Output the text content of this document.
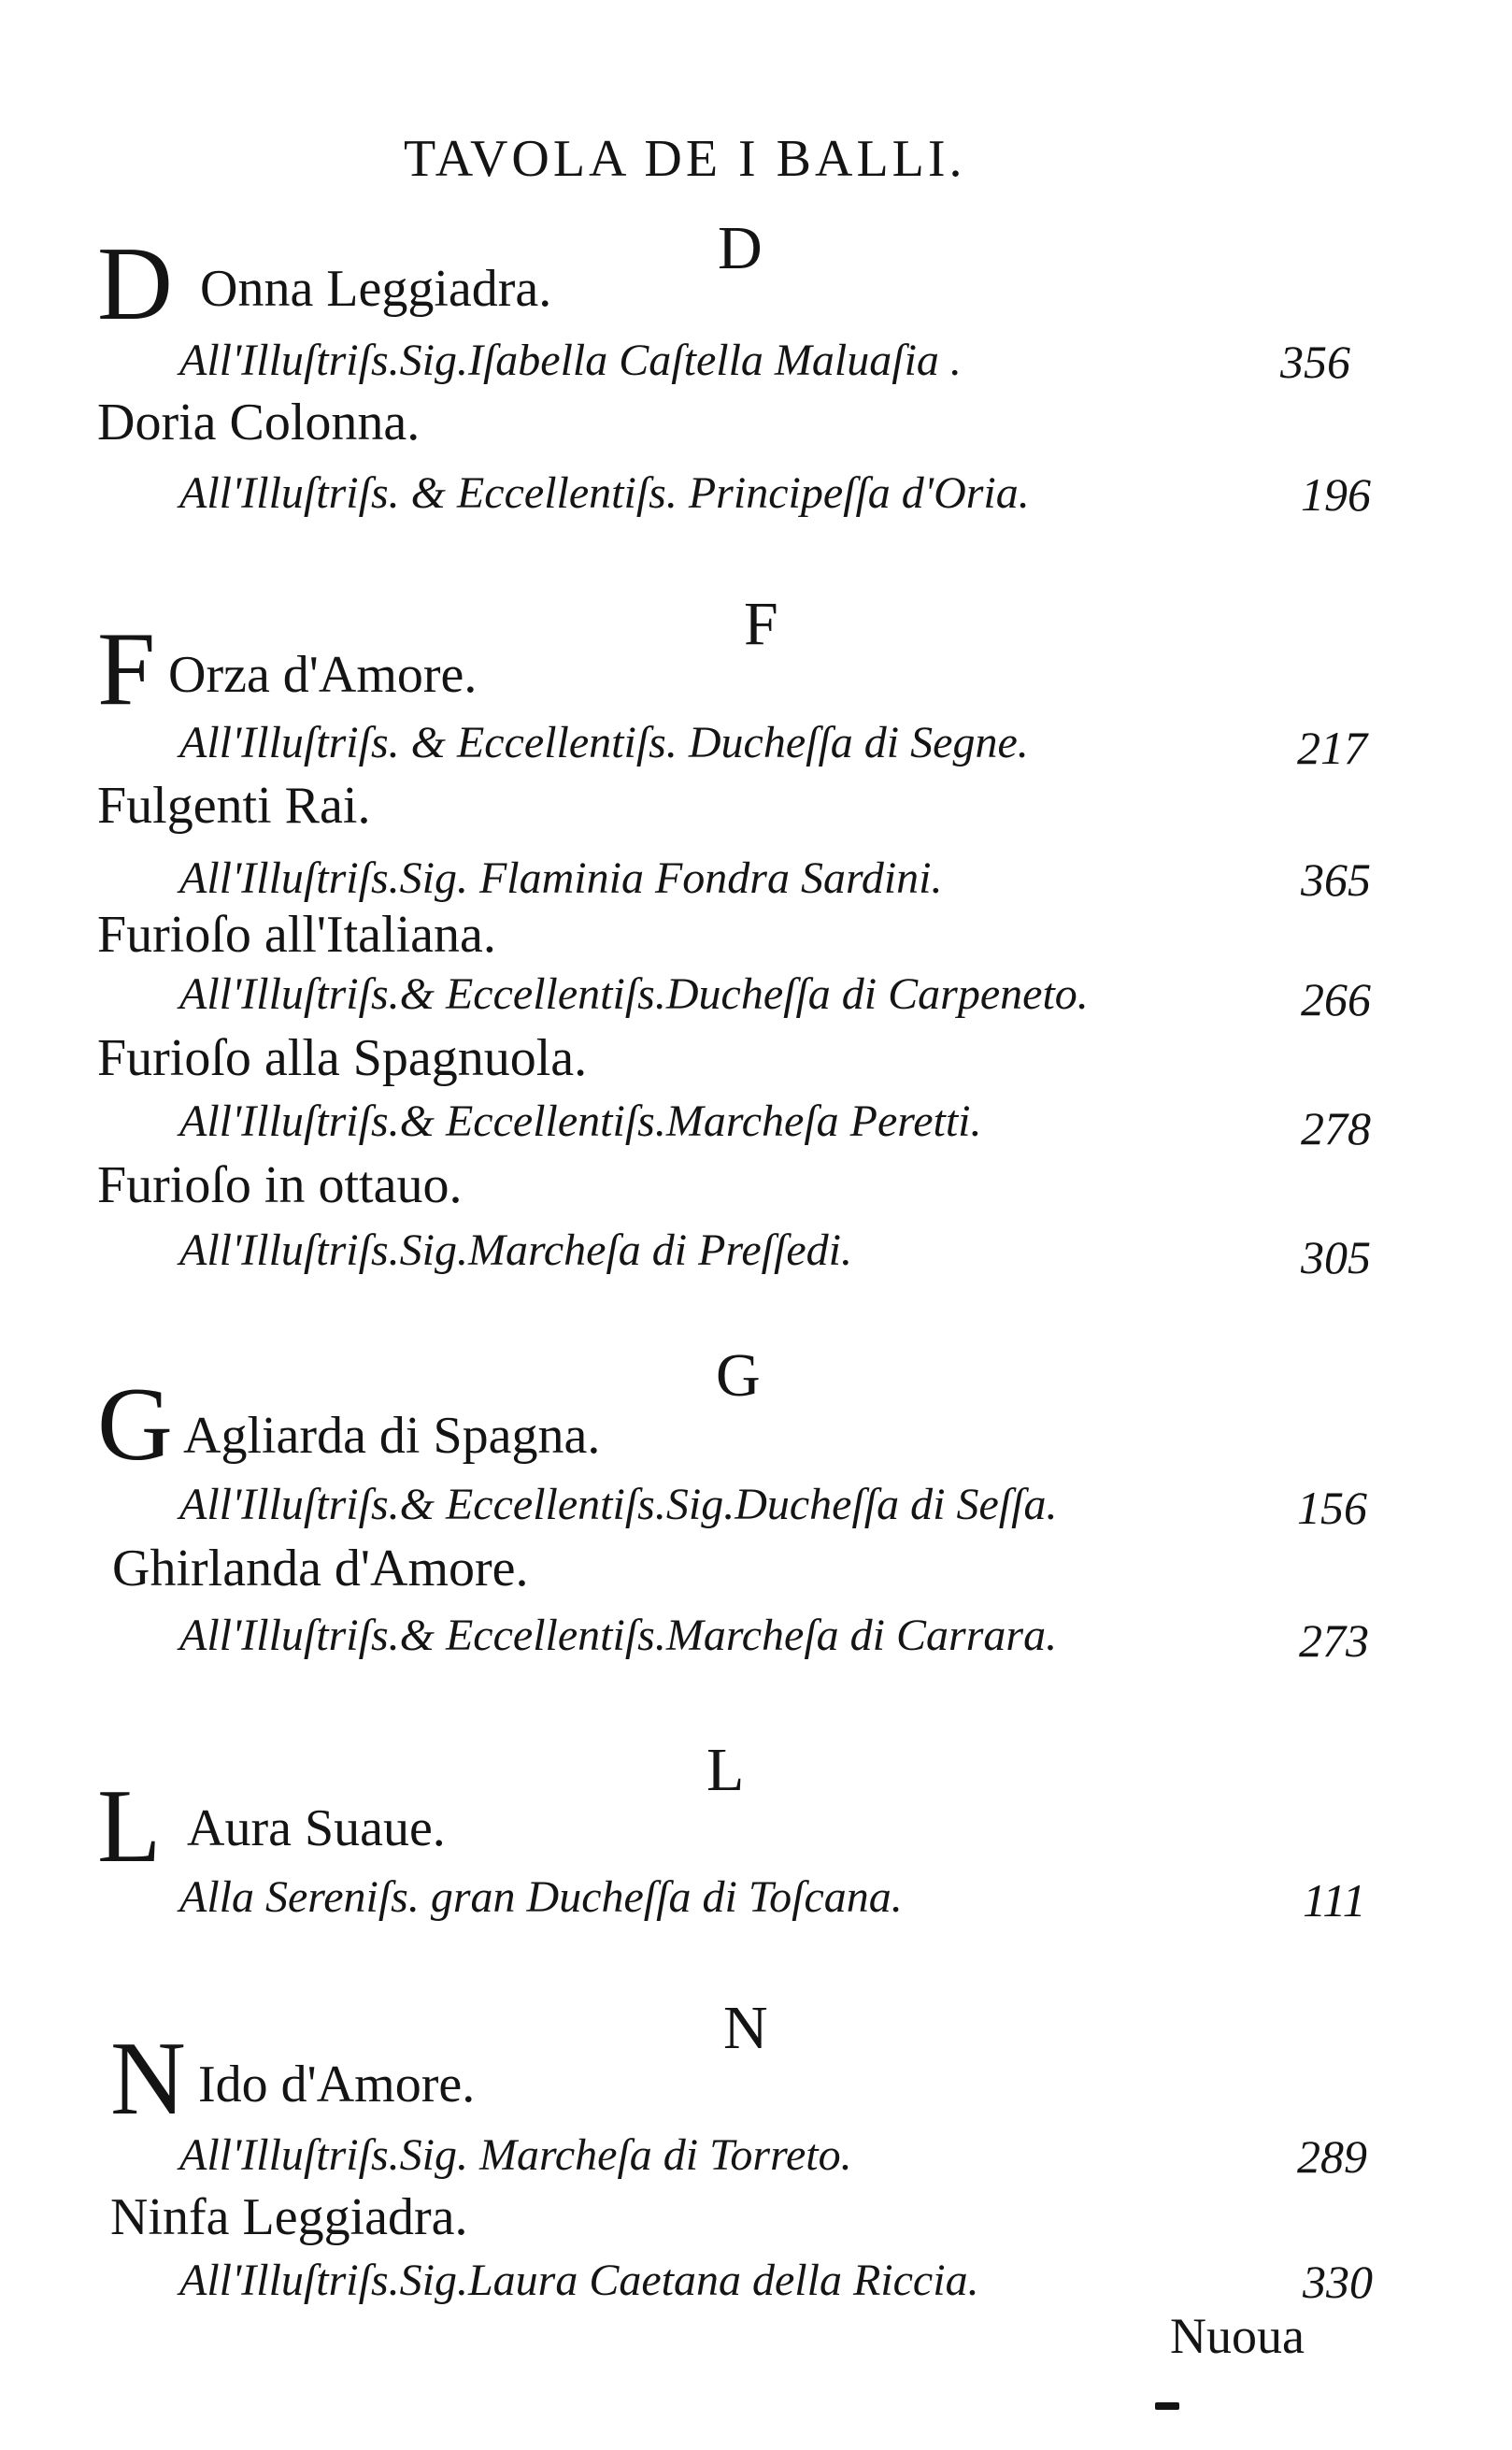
TAVOLA DE I BALLI.
D
D Onna Leggiadra.
All'Illuſtriſs.Sig.Iſabella Caſtella Maluaſia .	356
Doria Colonna.
All'Illuſtriſs. & Eccellentiſs. Principeſſa d'Oria.	196
F
F Orza d'Amore.
All'Illuſtriſs. & Eccellentiſs. Ducheſſa di Segne.	217
Fulgenti Rai.
All'Illuſtriſs.Sig. Flaminia Fondra Sardini.	365
Furioſo all'Italiana.
All'Illuſtriſs.& Eccellentiſs.Ducheſſa di Carpeneto.	266
Furioſo alla Spagnuola.
All'Illuſtriſs.& Eccellentiſs.Marcheſa Peretti.	278
Furioſo in ottauo.
All'Illuſtriſs.Sig.Marcheſa di Preſſedi.	305
G
G Agliarda di Spagna.
All'Illuſtriſs.& Eccellentiſs.Sig.Ducheſſa di Seſſa.	156
Ghirlanda d'Amore.
All'Illuſtriſs.& Eccellentiſs.Marcheſa di Carrara.	273
L
L Aura Suaue.
Alla Sereniſs. gran Ducheſſa di Toſcana.	111
N
N Ido d'Amore.
All'Illuſtriſs.Sig. Marcheſa di Torreto.	289
Ninfa Leggiadra.
All'Illuſtriſs.Sig.Laura Caetana della Riccia.	330
Nuoua
